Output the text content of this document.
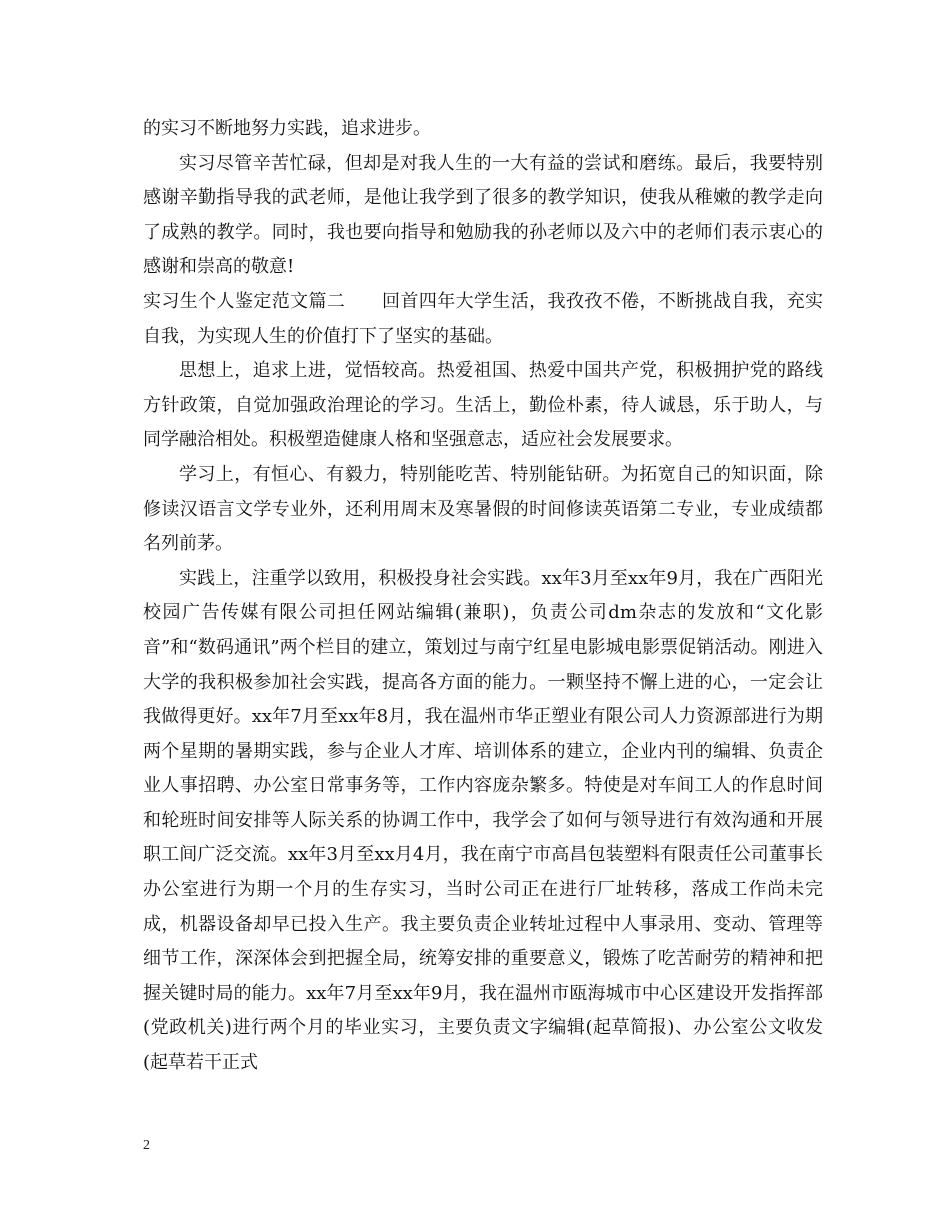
的实习不断地努力实践，追求进步。

实习尽管辛苦忙碌，但却是对我人生的一大有益的尝试和磨练。最后，我要特别感谢辛勤指导我的武老师，是他让我学到了很多的教学知识，使我从稚嫩的教学走向了成熟的教学。同时，我也要向指导和勉励我的孙老师以及六中的老师们表示衷心的感谢和崇高的敬意!

实习生个人鉴定范文篇二　　回首四年大学生活，我孜孜不倦，不断挑战自我，充实自我，为实现人生的价值打下了坚实的基础。

思想上，追求上进，觉悟较高。热爱祖国、热爱中国共产党，积极拥护党的路线方针政策，自觉加强政治理论的学习。生活上，勤俭朴素，待人诚恳，乐于助人，与同学融洽相处。积极塑造健康人格和坚强意志，适应社会发展要求。

学习上，有恒心、有毅力，特别能吃苦、特别能钻研。为拓宽自己的知识面，除修读汉语言文学专业外，还利用周末及寒暑假的时间修读英语第二专业，专业成绩都名列前茅。

实践上，注重学以致用，积极投身社会实践。xx年3月至xx年9月，我在广西阳光校园广告传媒有限公司担任网站编辑(兼职)，负责公司dm杂志的发放和“文化影音”和“数码通讯”两个栏目的建立，策划过与南宁红星电影城电影票促销活动。刚进入大学的我积极参加社会实践，提高各方面的能力。一颗坚持不懈上进的心，一定会让我做得更好。xx年7月至xx年8月，我在温州市华正塑业有限公司人力资源部进行为期两个星期的暑期实践，参与企业人才库、培训体系的建立，企业内刊的编辑、负责企业人事招聘、办公室日常事务等，工作内容庞杂繁多。特使是对车间工人的作息时间和轮班时间安排等人际关系的协调工作中，我学会了如何与领导进行有效沟通和开展职工间广泛交流。xx年3月至xx月4月，我在南宁市高昌包装塑料有限责任公司董事长办公室进行为期一个月的生存实习，当时公司正在进行厂址转移，落成工作尚未完成，机器设备却早已投入生产。我主要负责企业转址过程中人事录用、变动、管理等细节工作，深深体会到把握全局，统筹安排的重要意义，锻炼了吃苦耐劳的精神和把握关键时局的能力。xx年7月至xx年9月，我在温州市瓯海城市中心区建设开发指挥部(党政机关)进行两个月的毕业实习，主要负责文字编辑(起草简报)、办公室公文收发(起草若干正式

2
